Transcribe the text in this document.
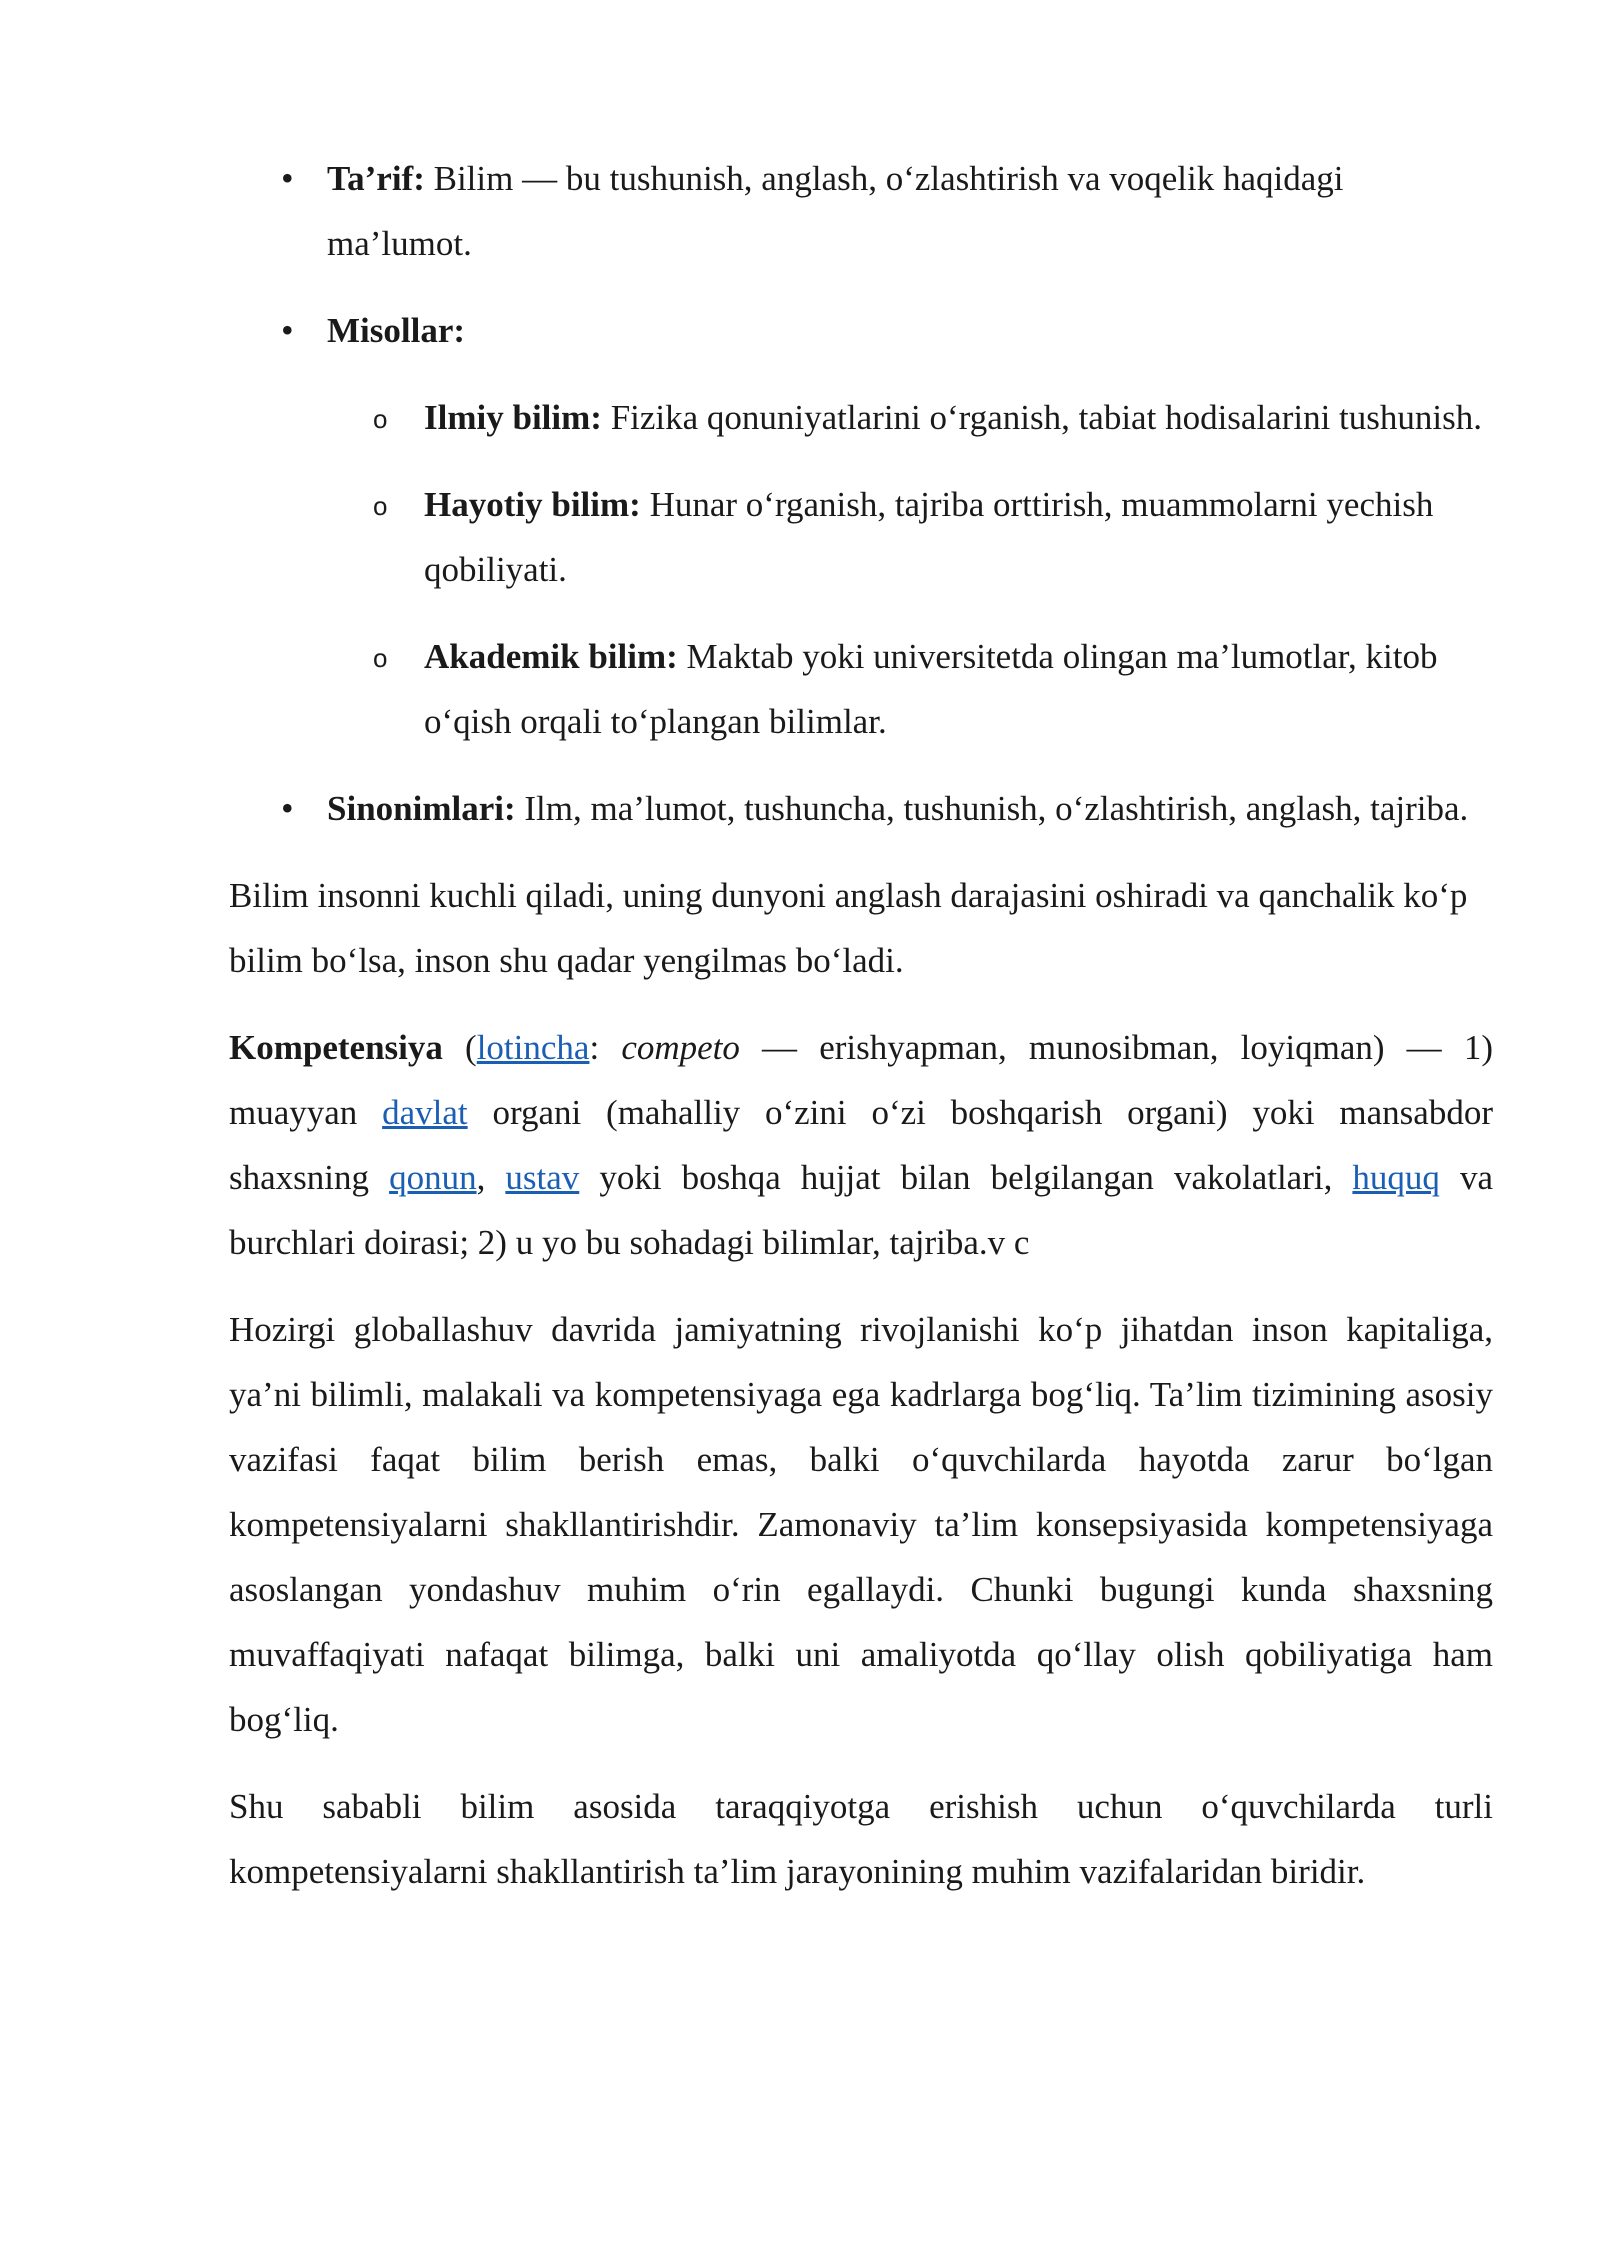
• Ta’rif: Bilim — bu tushunish, anglash, o‘zlashtirish va voqelik haqidagi ma’lumot.
• Misollar:
o Ilmiy bilim: Fizika qonuniyatlarini o‘rganish, tabiat hodisalarini tushunish.
o Hayotiy bilim: Hunar o‘rganish, tajriba orttirish, muammolarni yechish qobiliyati.
o Akademik bilim: Maktab yoki universitetda olingan ma’lumotlar, kitob o‘qish orqali to‘plangan bilimlar.
• Sinonimlari: Ilm, ma’lumot, tushuncha, tushunish, o‘zlashtirish, anglash, tajriba.

Bilim insonni kuchli qiladi, uning dunyoni anglash darajasini oshiradi va qanchalik ko‘p bilim bo‘lsa, inson shu qadar yengilmas bo‘ladi.

Kompetensiya (lotincha: competo — erishyapman, munosibman, loyiqman) — 1) muayyan davlat organi (mahalliy o‘zini o‘zi boshqarish organi) yoki mansabdor shaxsning qonun, ustav yoki boshqa hujjat bilan belgilangan vakolatlari, huquq va burchlari doirasi; 2) u yo bu sohadagi bilimlar, tajriba.v c

Hozirgi globallashuv davrida jamiyatning rivojlanishi ko‘p jihatdan inson kapitaliga, ya’ni bilimli, malakali va kompetensiyaga ega kadrlarga bog‘liq. Ta’lim tizimining asosiy vazifasi faqat bilim berish emas, balki o‘quvchilarda hayotda zarur bo‘lgan kompetensiyalarni shakllantirishdir. Zamonaviy ta’lim konsepsiyasida kompetensiyaga asoslangan yondashuv muhim o‘rin egallaydi. Chunki bugungi kunda shaxsning muvaffaqiyati nafaqat bilimga, balki uni amaliyotda qo‘llay olish qobiliyatiga ham bog‘liq.

Shu sababli bilim asosida taraqqiyotga erishish uchun o‘quvchilarda turli kompetensiyalarni shakllantirish ta’lim jarayonining muhim vazifalaridan biridir.
